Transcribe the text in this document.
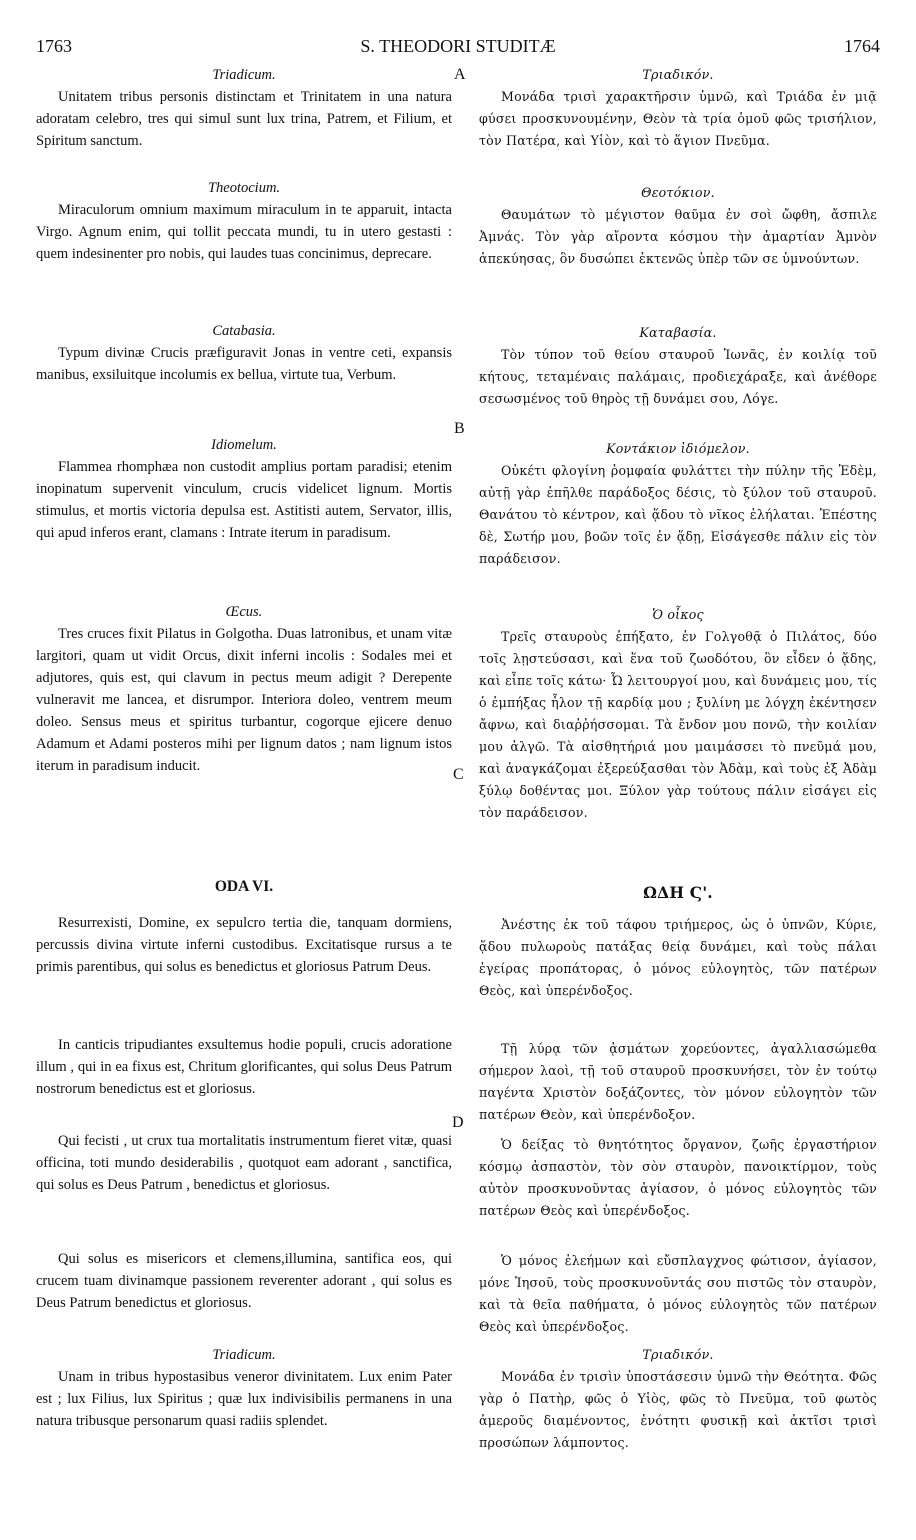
1763	S. THEODORI STUDITÆ	1764
A
B
C
D
Triadicum.
Unitatem tribus personis distinctam et Trinitatem in una natura adoratam celebro, tres qui simul sunt lux trina, Patrem, et Filium, et Spiritum sanctum.
Theotocium.
Miraculorum omnium maximum miraculum in te apparuit, intacta Virgo. Agnum enim, qui tollit peccata mundi, tu in utero gestasti : quem indesinenter pro nobis, qui laudes tuas concinimus, deprecare.
Catabasia.
Typum divinæ Crucis præfiguravit Jonas in ventre ceti, expansis manibus, exsiluitque incolumis ex bellua, virtute tua, Verbum.
Idiomelum.
Flammea rhomphæa non custodit amplius portam paradisi; etenim inopinatum supervenit vinculum, crucis videlicet lignum. Mortis stimulus, et mortis victoria depulsa est. Astitisti autem, Servator, illis, qui apud inferos erant, clamans : Intrate iterum in paradisum.
Œcus.
Tres cruces fixit Pilatus in Golgotha. Duas latronibus, et unam vitæ largitori, quam ut vidit Orcus, dixit inferni incolis : Sodales mei et adjutores, quis est, qui clavum in pectus meum adigit ? Derepente vulneravit me lancea, et disrumpor. Interiora doleo, ventrem meum doleo. Sensus meus et spiritus turbantur, cogorque ejicere denuo Adamum et Adami posteros mihi per lignum datos ; nam lignum istos iterum in paradisum inducit.
ODA VI.
Resurrexisti, Domine, ex sepulcro tertia die, tanquam dormiens, percussis divina virtute inferni custodibus. Excitatisque rursus a te primis parentibus, qui solus es benedictus et gloriosus Patrum Deus.
In canticis tripudiantes exsultemus hodie populi, crucis adoratione illum , qui in ea fixus est, Chritum glorificantes, qui solus Deus Patrum nostrorum benedictus est et gloriosus.
Qui fecisti , ut crux tua mortalitatis instrumentum fieret vitæ, quasi officina, toti mundo desiderabilis , quotquot eam adorant , sanctifica, qui solus es Deus Patrum , benedictus et gloriosus.
Qui solus es misericors et clemens,illumina, santifica eos, qui crucem tuam divinamque passionem reverenter adorant , qui solus es Deus Patrum benedictus et gloriosus.
Triadicum.
Unam in tribus hypostasibus veneror divinitatem. Lux enim Pater est ; lux Filius, lux Spiritus ; quæ lux indivisibilis permanens in una natura tribusque personarum quasi radiis splendet.
Τριαδικόν.
Μονάδα τρισὶ χαρακτῆρσιν ὑμνῶ, καὶ Τριάδα ἐν μιᾷ φύσει προσκυνουμένην, Θεὸν τὰ τρία ὁμοῦ φῶς τρισήλιον, τὸν Πατέρα, καὶ Υἱὸν, καὶ τὸ ἅγιον Πνεῦμα.
Θεοτόκιον.
Θαυμάτων τὸ μέγιστον θαῦμα ἐν σοὶ ὤφθη, ἄσπιλε Ἀμνάς. Τὸν γὰρ αἴροντα κόσμου τὴν ἁμαρτίαν Ἀμνὸν ἀπεκύησας, ὃν δυσώπει ἐκτενῶς ὑπὲρ τῶν σε ὑμνούντων.
Καταβασία.
Τὸν τύπον τοῦ θείου σταυροῦ Ἰωνᾶς, ἐν κοιλίᾳ τοῦ κήτους, τεταμέναις παλάμαις, προδιεχάραξε, καὶ ἀνέθορε σεσωσμένος τοῦ θηρὸς τῇ δυνάμει σου, Λόγε.
Κοντάκιον ἰδιόμελον.
Οὐκέτι φλογίνη ῥομφαία φυλάττει τὴν πύλην τῆς Ἐδὲμ, αὐτῇ γὰρ ἐπῆλθε παράδοξος δέσις, τὸ ξύλον τοῦ σταυροῦ. Θανάτου τὸ κέντρον, καὶ ᾅδου τὸ νῖκος ἐλήλαται. Ἐπέστης δὲ, Σωτήρ μου, βοῶν τοῖς ἐν ᾅδῃ, Εἰσάγεσθε πάλιν εἰς τὸν παράδεισον.
Ὁ οἶκος
Τρεῖς σταυροὺς ἐπήξατο, ἐν Γολγοθᾷ ὁ Πιλάτος, δύο τοῖς λῃστεύσασι, καὶ ἕνα τοῦ ζωοδότου, ὃν εἶδεν ὁ ᾅδης, καὶ εἶπε τοῖς κάτω· Ὦ λειτουργοί μου, καὶ δυνάμεις μου, τίς ὁ ἐμπήξας ἧλον τῇ καρδίᾳ μου ; ξυλίνη με λόγχη ἐκέντησεν ἄφνω, καὶ διαῤῥήσσομαι. Τὰ ἔνδον μου πονῶ, τὴν κοιλίαν μου ἀλγῶ. Τὰ αἰσθητήριά μου μαιμάσσει τὸ πνεῦμά μου, καὶ ἀναγκάζομαι ἐξερεύξασθαι τὸν Ἀδὰμ, καὶ τοὺς ἐξ Ἀδὰμ ξύλῳ δοθέντας μοι. Ξύλον γὰρ τούτους πάλιν εἰσάγει εἰς τὸν παράδεισον.
ΩΔΗ Ϛ'.
Ἀνέστης ἐκ τοῦ τάφου τριήμερος, ὡς ὁ ὑπνῶν, Κύριε, ᾅδου πυλωροὺς πατάξας θείᾳ δυνάμει, καὶ τοὺς πάλαι ἐγείρας προπάτορας, ὁ μόνος εὐλογητὸς, τῶν πατέρων Θεὸς, καὶ ὑπερένδοξος.
Τῇ λύρᾳ τῶν ᾀσμάτων χορεύοντες, ἀγαλλιασώμεθα σήμερον λαοὶ, τῇ τοῦ σταυροῦ προσκυνήσει, τὸν ἐν τούτῳ παγέντα Χριστὸν δοξάζοντες, τὸν μόνον εὐλογητὸν τῶν πατέρων Θεὸν, καὶ ὑπερένδοξον.
Ὁ δείξας τὸ θνητότητος ὄργανον, ζωῆς ἐργαστήριον κόσμῳ ἀσπαστὸν, τὸν σὸν σταυρὸν, πανοικτίρμον, τοὺς αὐτὸν προσκυνοῦντας ἁγίασον, ὁ μόνος εὐλογητὸς τῶν πατέρων Θεὸς καὶ ὑπερένδοξος.
Ὁ μόνος ἐλεήμων καὶ εὔσπλαγχνος φώτισον, ἁγίασον, μόνε Ἰησοῦ, τοὺς προσκυνοῦντάς σου πιστῶς τὸν σταυρὸν, καὶ τὰ θεῖα παθήματα, ὁ μόνος εὐλογητὸς τῶν πατέρων Θεὸς καὶ ὑπερένδοξος.
Τριαδικόν.
Μονάδα ἐν τρισὶν ὑποστάσεσιν ὑμνῶ τὴν Θεότητα. Φῶς γὰρ ὁ Πατὴρ, φῶς ὁ Υἱὸς, φῶς τὸ Πνεῦμα, τοῦ φωτὸς ἀμεροῦς διαμένοντος, ἑνότητι φυσικῇ καὶ ἀκτῖσι τρισὶ προσώπων λάμποντος.
